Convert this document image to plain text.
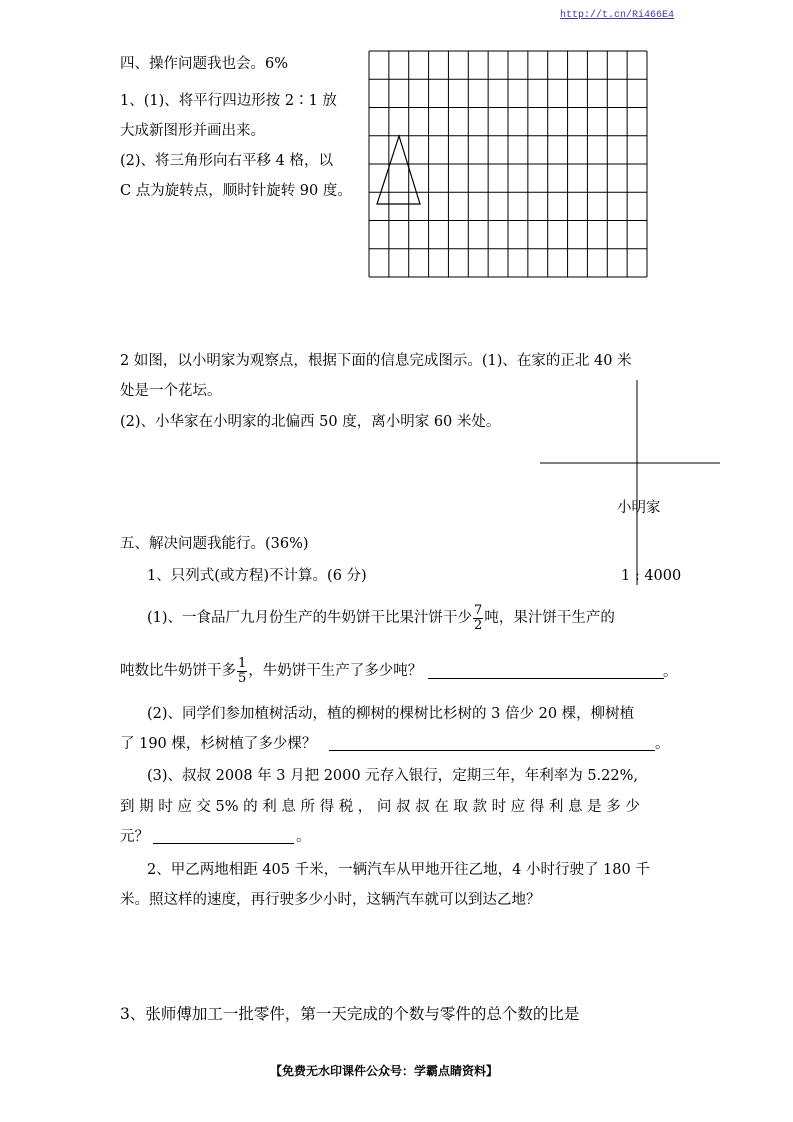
http://t.cn/Ri466E4
四、操作问题我也会。6%
1、(1)、将平行四边形按 2∶1 放
大成新图形并画出来。
(2)、将三角形向右平移 4 格，以
C 点为旋转点，顺时针旋转 90 度。
2 如图，以小明家为观察点，根据下面的信息完成图示。(1)、在家的正北 40 米
处是一个花坛。
(2)、小华家在小明家的北偏西 50 度，离小明家 60 米处。
小明家
1 : 4000
五、解决问题我能行。(36%)
1、只列式(或方程)不计算。(6 分)
(1)、一食品厂九月份生产的牛奶饼干比果汁饼干少 $\frac{7}{2}$ 吨，果汁饼干生产的
吨数比牛奶饼干多 $\frac{1}{5}$ ，牛奶饼干生产了多少吨？	。
(2)、同学们参加植树活动，植的柳树的棵树比杉树的 3 倍少 20 棵，柳树植
了 190 棵，杉树植了多少棵？	。
(3)、叔叔 2008 年 3 月把 2000 元存入银行，定期三年，年利率为 5.22%,
到 期 时 应 交 5% 的 利 息 所 得 税 ， 问 叔 叔 在 取 款 时 应 得 利 息 是 多 少
元？	。
2、甲乙两地相距 405 千米，一辆汽车从甲地开往乙地，4 小时行驶了 180 千
米。照这样的速度，再行驶多少小时，这辆汽车就可以到达乙地？
3、张师傅加工一批零件，第一天完成的个数与零件的总个数的比是
【免费无水印课件公众号：学霸点睛资料】
